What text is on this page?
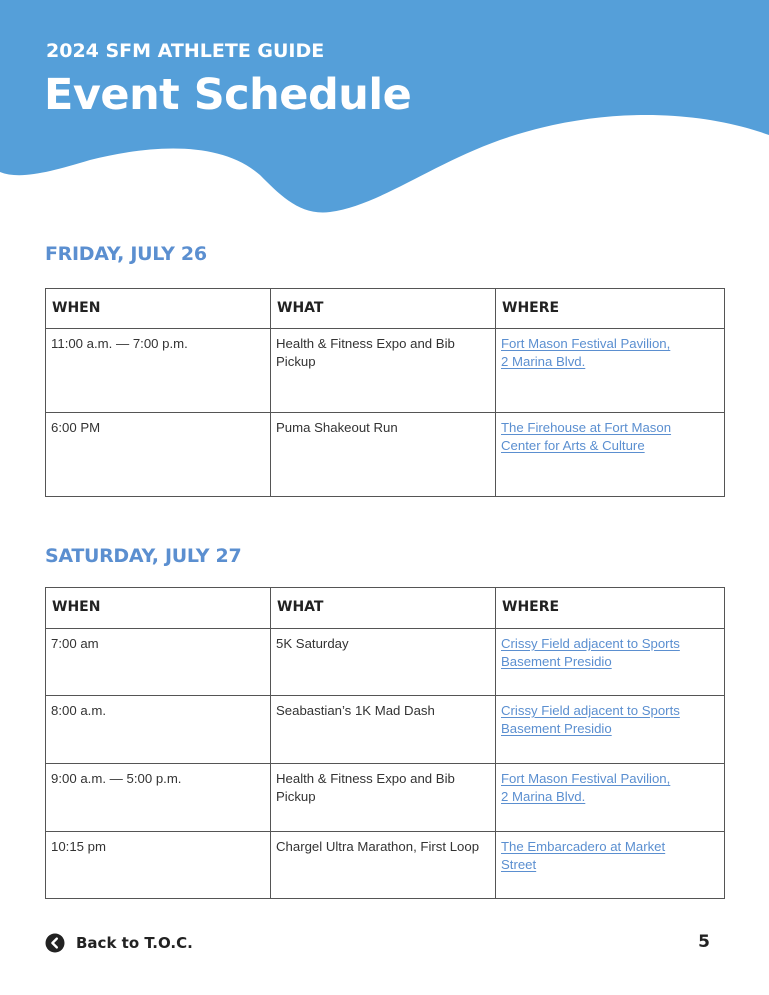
2024 SFM ATHLETE GUIDE
Event Schedule
FRIDAY, JULY 26
WHEN	WHAT	WHERE
11:00 a.m. — 7:00 p.m.	Health & Fitness Expo and Bib Pickup	Fort Mason Festival Pavilion,
2 Marina Blvd.
6:00 PM	Puma Shakeout Run	The Firehouse at Fort Mason
Center for Arts & Culture
SATURDAY, JULY 27
WHEN	WHAT	WHERE
7:00 am	5K Saturday	Crissy Field adjacent to Sports
Basement Presidio
8:00 a.m.	Seabastian’s 1K Mad Dash	Crissy Field adjacent to Sports
Basement Presidio
9:00 a.m. — 5:00 p.m.	Health & Fitness Expo and Bib Pickup	Fort Mason Festival Pavilion,
2 Marina Blvd.
10:15 pm	Chargel Ultra Marathon, First Loop	The Embarcadero at Market
Street
Back to T.O.C.	5
